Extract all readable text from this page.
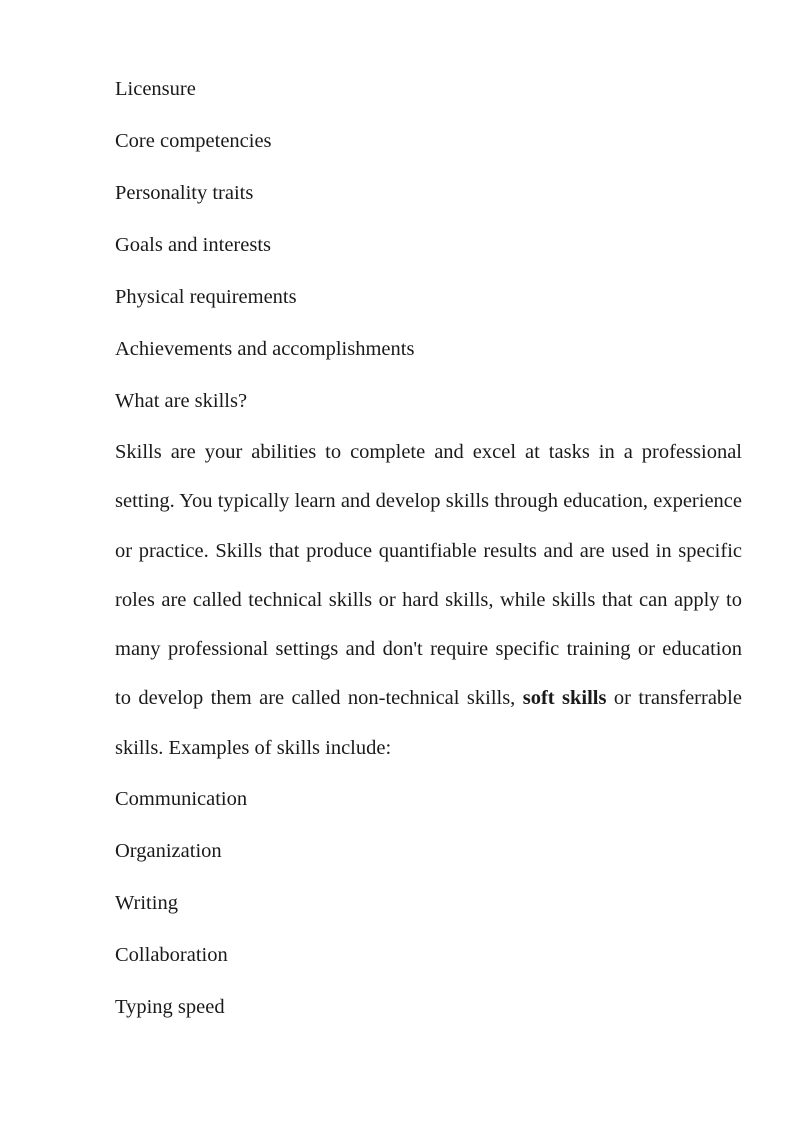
Licensure

Core competencies

Personality traits

Goals and interests

Physical requirements

Achievements and accomplishments

What are skills?

Skills are your abilities to complete and excel at tasks in a professional setting. You typically learn and develop skills through education, experience or practice. Skills that produce quantifiable results and are used in specific roles are called technical skills or hard skills, while skills that can apply to many professional settings and don't require specific training or education to develop them are called non-technical skills, soft skills or transferrable skills. Examples of skills include:

Communication

Organization

Writing

Collaboration

Typing speed
